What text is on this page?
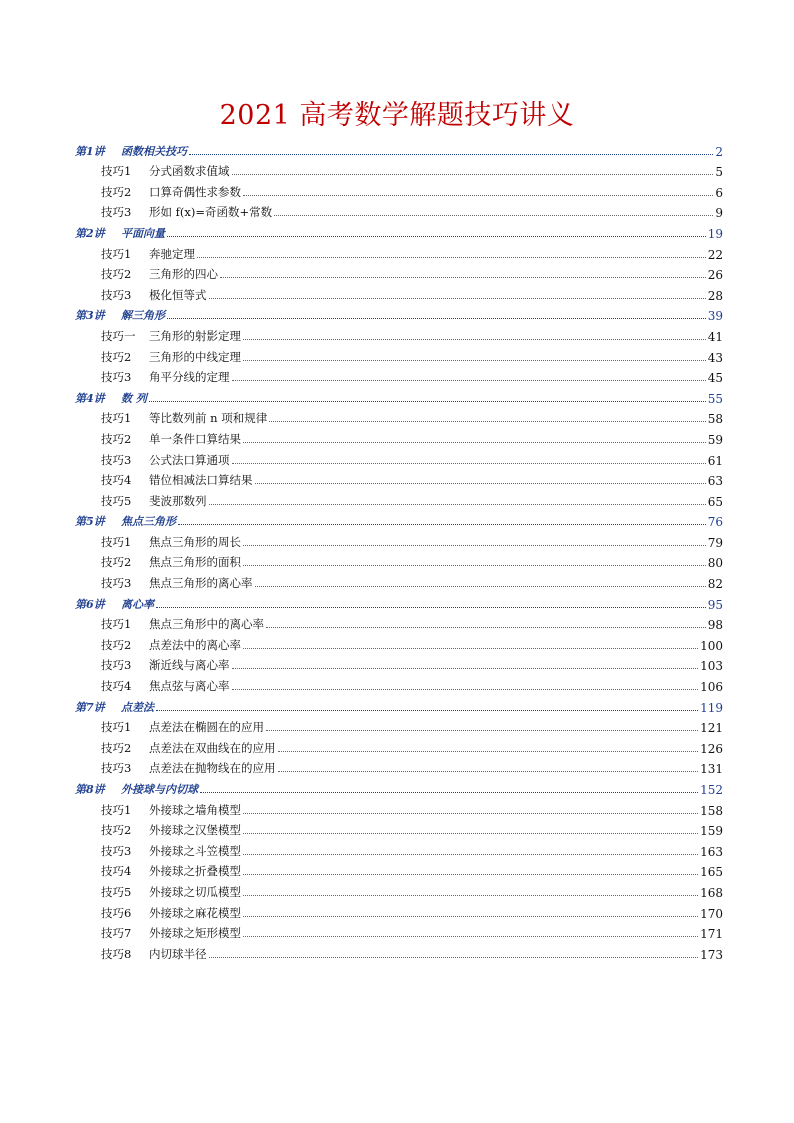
2021 高考数学解题技巧讲义
第1讲 函数相关技巧	2
技巧1 分式函数求值域	5
技巧2 口算奇偶性求参数	6
技巧3 形如 f(x)=奇函数+常数	9
第2讲 平面向量	19
技巧1 奔驰定理	22
技巧2 三角形的四心	26
技巧3 极化恒等式	28
第3讲 解三角形	39
技巧一 三角形的射影定理	41
技巧2 三角形的中线定理	43
技巧3 角平分线的定理	45
第4讲 数 列	55
技巧1 等比数列前 n 项和规律	58
技巧2 单一条件口算结果	59
技巧3 公式法口算通项	61
技巧4 错位相减法口算结果	63
技巧5 斐波那数列	65
第5讲 焦点三角形	76
技巧1 焦点三角形的周长	79
技巧2 焦点三角形的面积	80
技巧3 焦点三角形的离心率	82
第6讲 离心率	95
技巧1 焦点三角形中的离心率	98
技巧2 点差法中的离心率	100
技巧3 渐近线与离心率	103
技巧4 焦点弦与离心率	106
第7讲 点差法	119
技巧1 点差法在椭圆在的应用	121
技巧2 点差法在双曲线在的应用	126
技巧3 点差法在抛物线在的应用	131
第8讲 外接球与内切球	152
技巧1 外接球之墙角模型	158
技巧2 外接球之汉堡模型	159
技巧3 外接球之斗笠模型	163
技巧4 外接球之折叠模型	165
技巧5 外接球之切瓜模型	168
技巧6 外接球之麻花模型	170
技巧7 外接球之矩形模型	171
技巧8 内切球半径	173
